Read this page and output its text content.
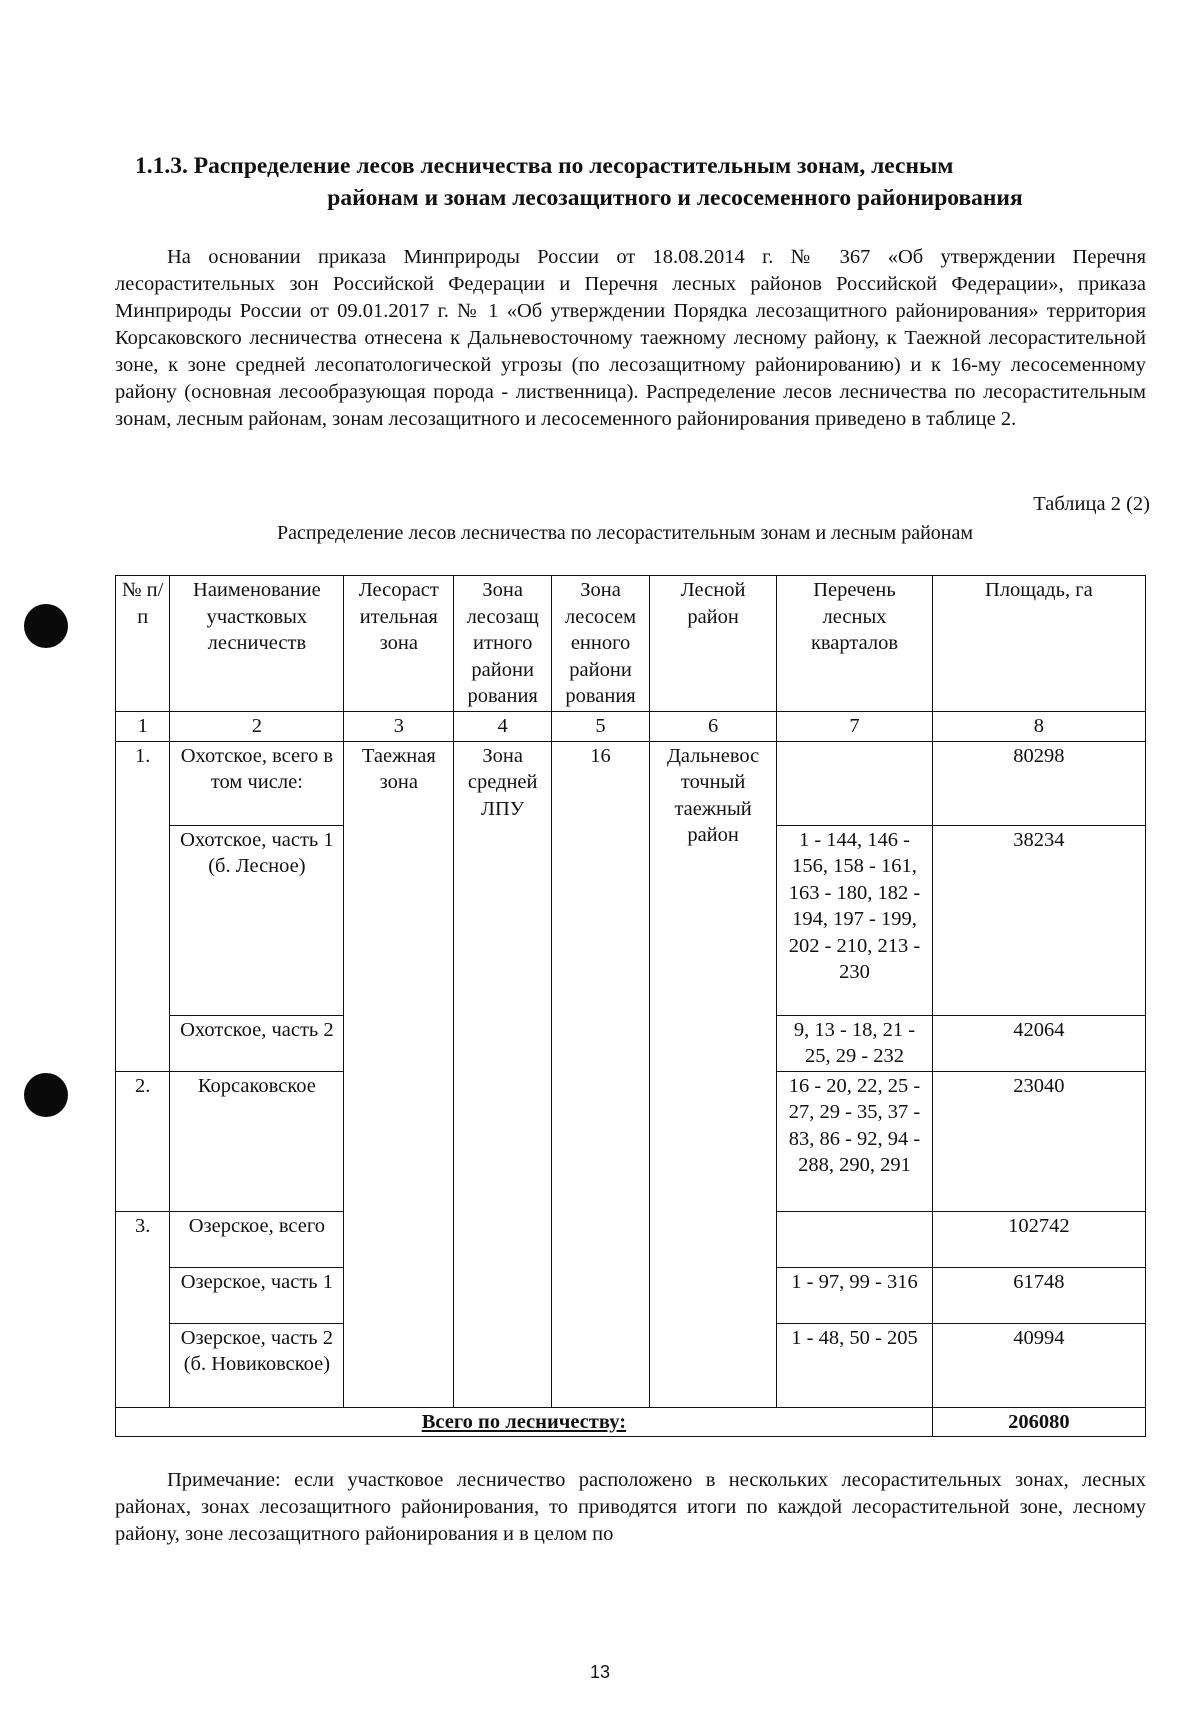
1.1.3. Распределение лесов лесничества по лесорастительным зонам, лесным
районам и зонам лесозащитного и лесосеменного районирования

На основании приказа Минприроды России от 18.08.2014 г. № 367 «Об утверждении Перечня лесорастительных зон Российской Федерации и Перечня лесных районов Российской Федерации», приказа Минприроды России от 09.01.2017 г. № 1 «Об утверждении Порядка лесозащитного районирования» территория Корсаковского лесничества отнесена к Дальневосточному таежному лесному району, к Таежной лесорастительной зоне, к зоне средней лесопатологической угрозы (по лесозащитному районированию) и к 16-му лесосеменному району (основная лесообразующая порода - лиственница). Распределение лесов лесничества по лесорастительным зонам, лесным районам, зонам лесозащитного и лесосеменного районирования приведено в таблице 2.

Таблица 2 (2)
Распределение лесов лесничества по лесорастительным зонам и лесным районам
№ п/п	Наименование участковых лесничеств	Лесораст ительная зона	Зона лесозащ итного райони рования	Зона лесосем енного райони рования	Лесной район	Перечень лесных кварталов	Площадь, га
1	2	3	4	5	6	7	8
1.	Охотское, всего в том числе:	Таежная зона	Зона средней ЛПУ	16	Дальневос точный таежный район		80298
	Охотское, часть 1 (б. Лесное)					1 - 144, 146 - 156, 158 - 161, 163 - 180, 182 - 194, 197 - 199, 202 - 210, 213 - 230	38234
	Охотское, часть 2					9, 13 - 18, 21 - 25, 29 - 232	42064
2.	Корсаковское					16 - 20, 22, 25 - 27, 29 - 35, 37 - 83, 86 - 92, 94 - 288, 290, 291	23040
3.	Озерское, всего						102742
	Озерское, часть 1					1 - 97, 99 - 316	61748
	Озерское, часть 2 (б. Новиковское)					1 - 48, 50 - 205	40994
Всего по лесничеству:							206080

Примечание: если участковое лесничество расположено в нескольких лесорастительных зонах, лесных районах, зонах лесозащитного районирования, то приводятся итоги по каждой лесорастительной зоне, лесному району, зоне лесозащитного районирования и в целом по

13
